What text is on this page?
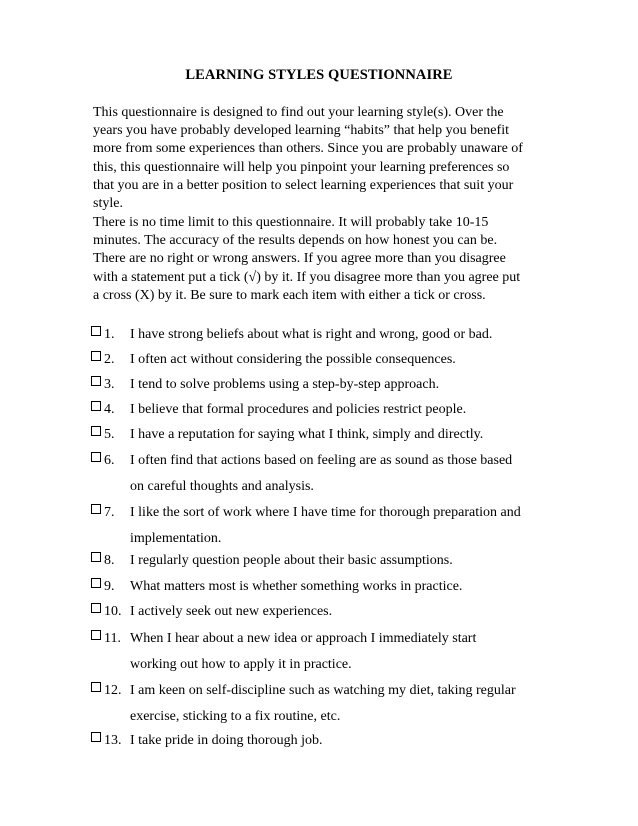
LEARNING STYLES QUESTIONNAIRE
This questionnaire is designed to find out your learning style(s). Over the
years you have probably developed learning “habits” that help you benefit
more from some experiences than others. Since you are probably unaware of
this, this questionnaire will help you pinpoint your learning preferences so
that you are in a better position to select learning experiences that suit your
style.
There is no time limit to this questionnaire. It will probably take 10-15
minutes. The accuracy of the results depends on how honest you can be.
There are no right or wrong answers. If you agree more than you disagree
with a statement put a tick (√) by it. If you disagree more than you agree put
a cross (X) by it. Be sure to mark each item with either a tick or cross.
1. I have strong beliefs about what is right and wrong, good or bad.
2. I often act without considering the possible consequences.
3. I tend to solve problems using a step-by-step approach.
4. I believe that formal procedures and policies restrict people.
5. I have a reputation for saying what I think, simply and directly.
6. I often find that actions based on feeling are as sound as those based
on careful thoughts and analysis.
7. I like the sort of work where I have time for thorough preparation and
implementation.
8. I regularly question people about their basic assumptions.
9. What matters most is whether something works in practice.
10. I actively seek out new experiences.
11. When I hear about a new idea or approach I immediately start
working out how to apply it in practice.
12. I am keen on self-discipline such as watching my diet, taking regular
exercise, sticking to a fix routine, etc.
13. I take pride in doing thorough job.
